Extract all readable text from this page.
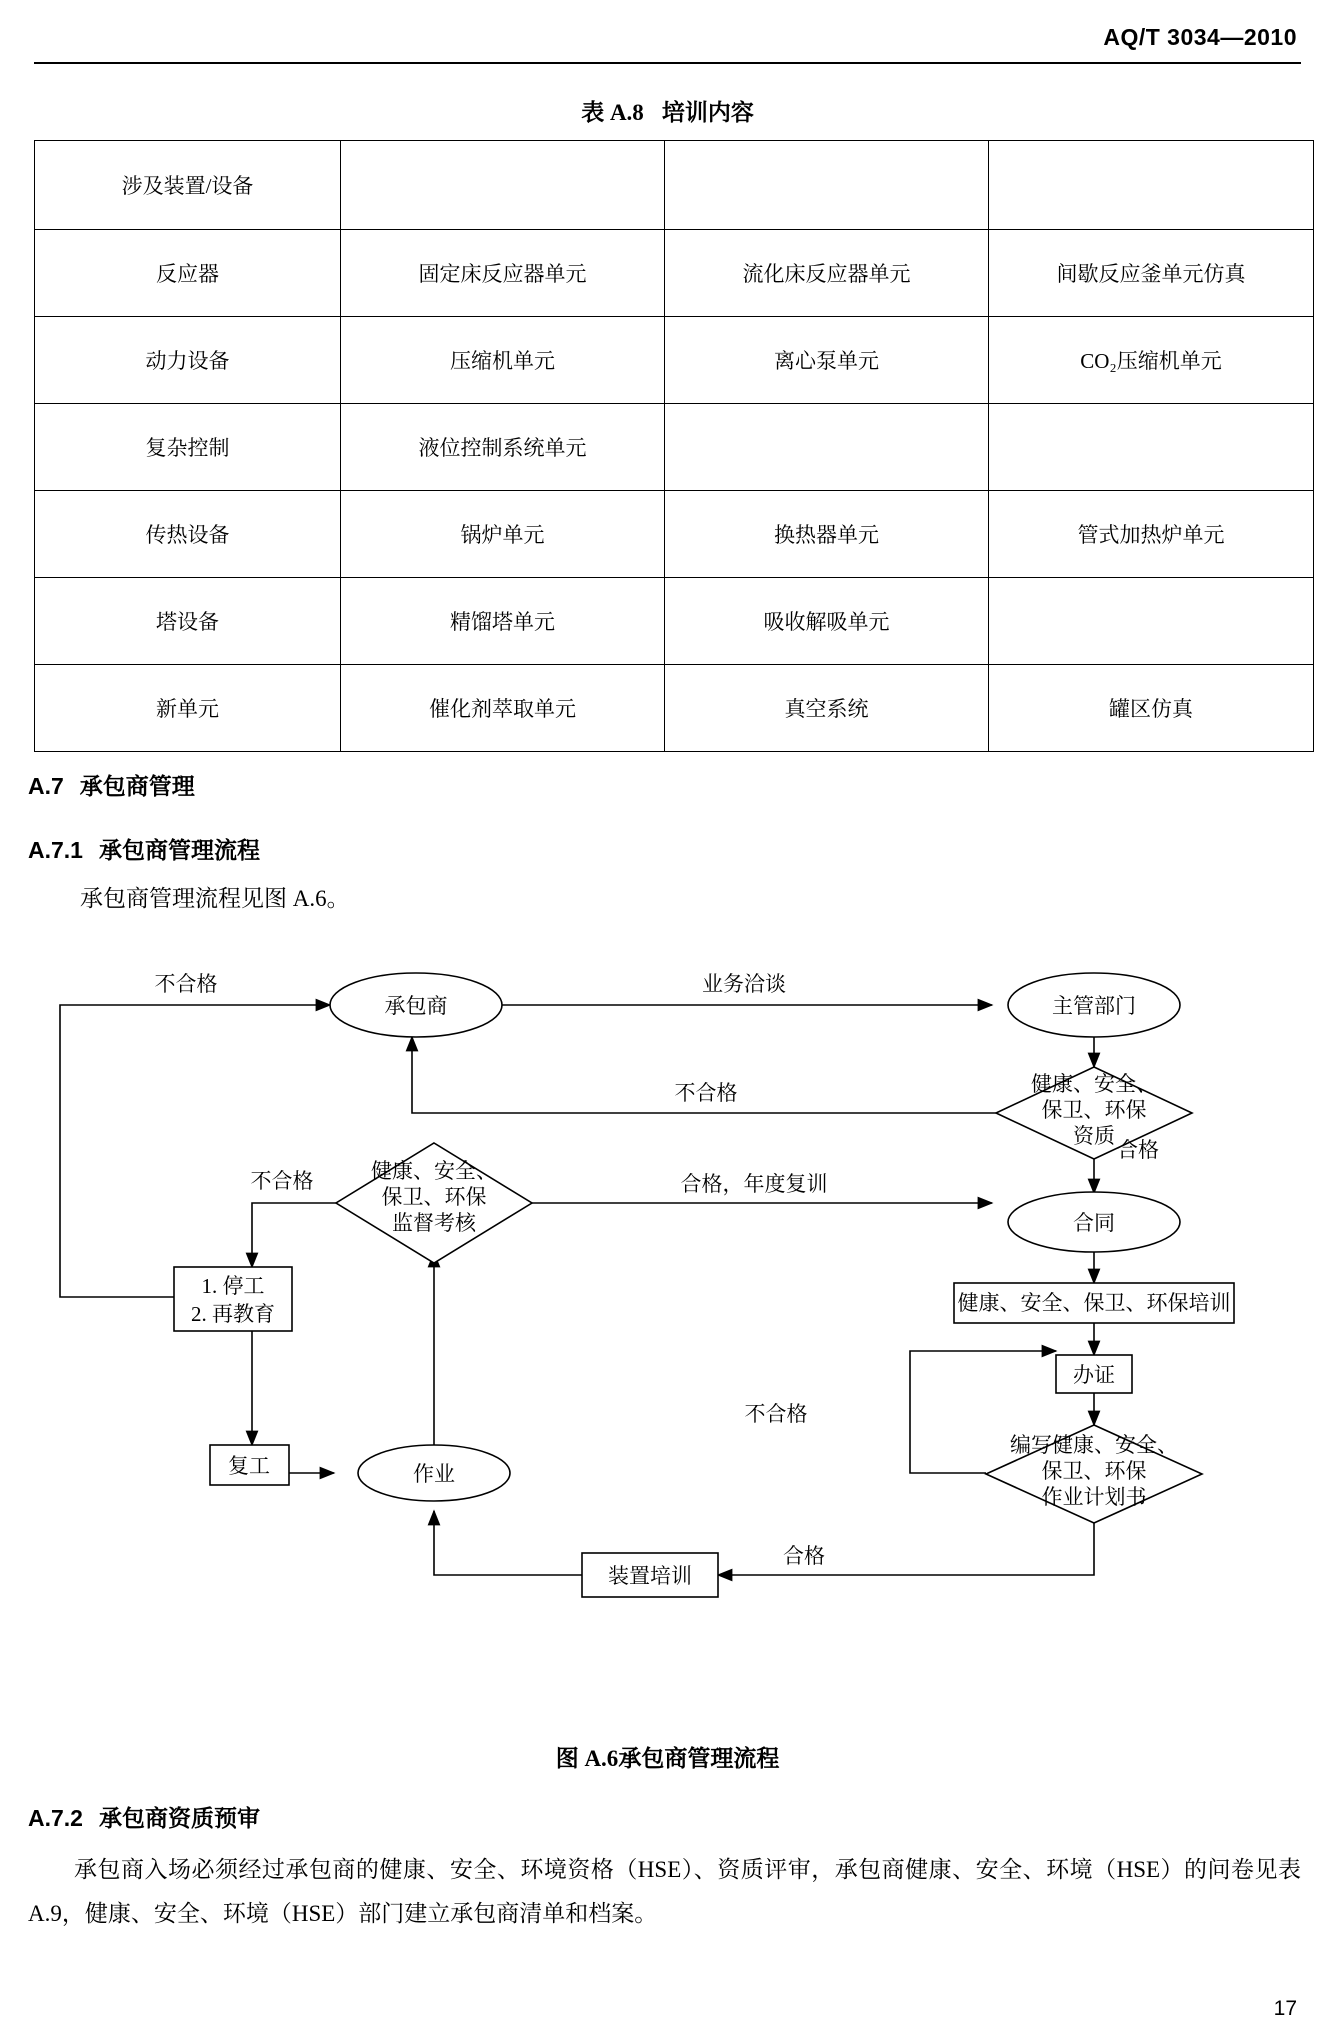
AQ/T 3034—2010
表 A.8 培训内容
涉及装置/设备			
反应器	固定床反应器单元	流化床反应器单元	间歇反应釜单元仿真
动力设备	压缩机单元	离心泵单元	CO₂压缩机单元
复杂控制	液位控制系统单元		
传热设备	锅炉单元	换热器单元	管式加热炉单元
塔设备	精馏塔单元	吸收解吸单元	
新单元	催化剂萃取单元	真空系统	罐区仿真
A.7 承包商管理
A.7.1 承包商管理流程
承包商管理流程见图 A.6。
承包商	主管部门
健康、安全、
保卫、环保
资质
合同
健康、安全、保卫、环保培训
办证
编写健康、安全、
保卫、环保
作业计划书
健康、安全、
保卫、环保
监督考核
1. 停工
2. 再教育
复工	作业
装置培训
业务洽谈
不合格
不合格
合格
合格，年度复训
不合格
不合格
合格
图 A.6承包商管理流程
A.7.2 承包商资质预审
承包商入场必须经过承包商的健康、安全、环境资格（HSE）、资质评审，承包商健康、安全、环境（HSE）的问卷见表 A.9，健康、安全、环境（HSE）部门建立承包商清单和档案。
17
